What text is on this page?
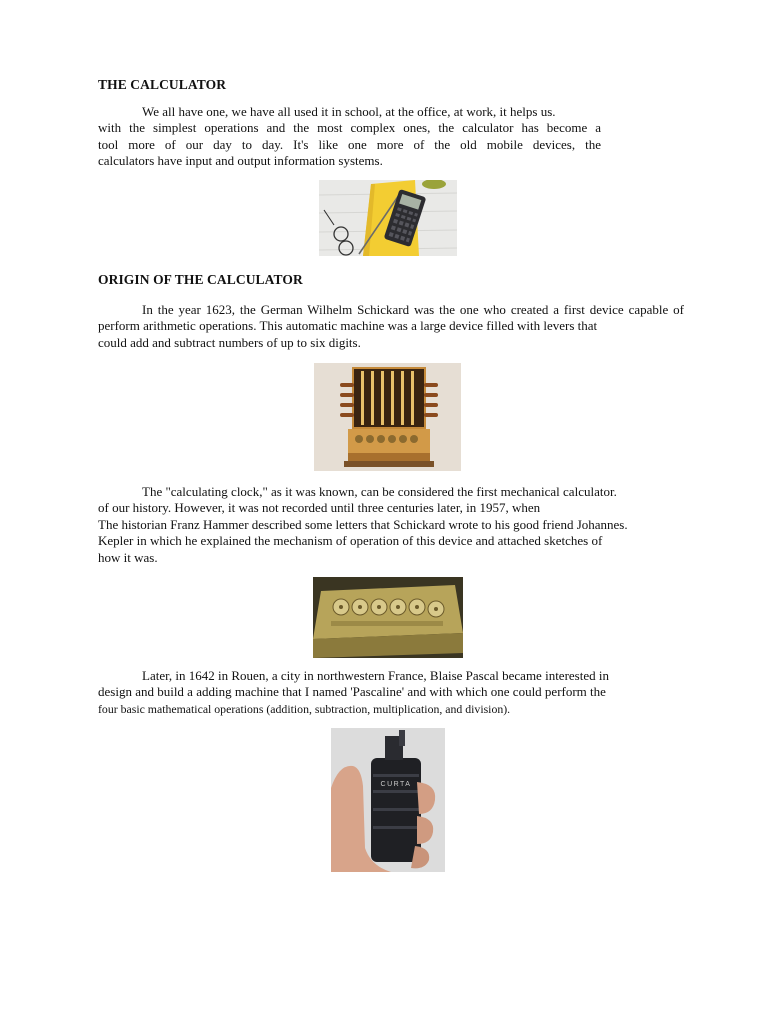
THE CALCULATOR
We all have one, we have all used it in school, at the office, at work, it helps us.
with the simplest operations and the most complex ones, the calculator has become a
tool more of our day to day. It's like one more of the old mobile devices, the
calculators have input and output information systems.
ORIGIN OF THE CALCULATOR
In the year 1623, the German Wilhelm Schickard was the one who created a first device capable of
perform arithmetic operations. This automatic machine was a large device filled with levers that
could add and subtract numbers of up to six digits.
The "calculating clock," as it was known, can be considered the first mechanical calculator.
of our history. However, it was not recorded until three centuries later, in 1957, when
The historian Franz Hammer described some letters that Schickard wrote to his good friend Johannes.
Kepler in which he explained the mechanism of operation of this device and attached sketches of
how it was.
Later, in 1642 in Rouen, a city in northwestern France, Blaise Pascal became interested in
design and build a adding machine that I named 'Pascaline' and with which one could perform the
four basic mathematical operations (addition, subtraction, multiplication, and division).
CURTA
